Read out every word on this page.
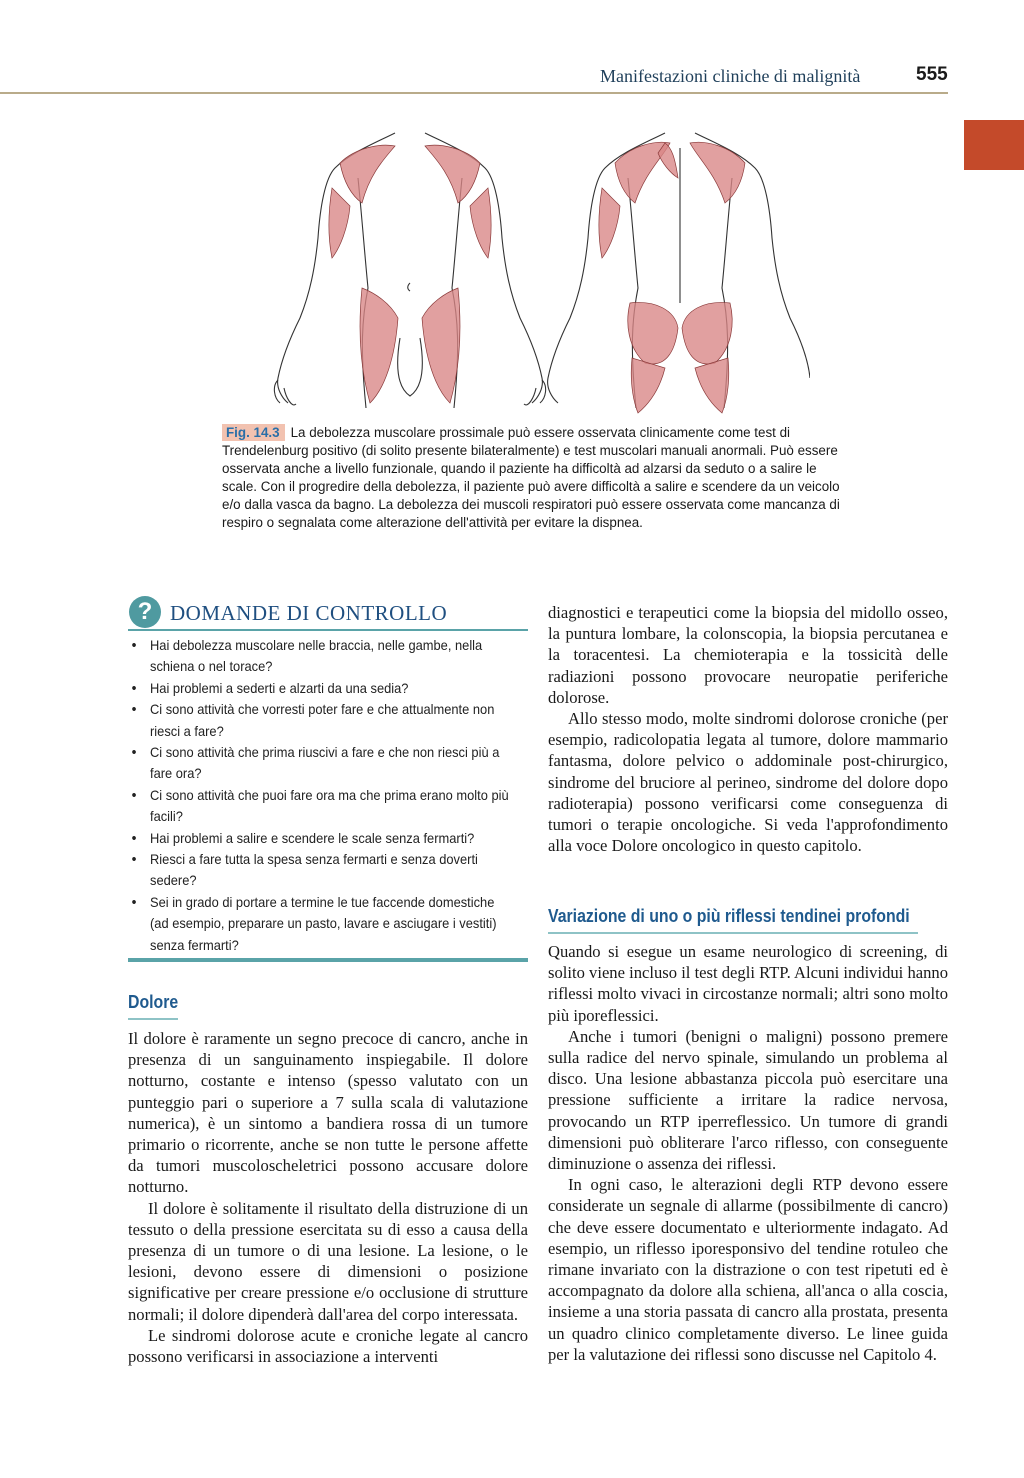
Manifestazioni cliniche di malignità	555
Fig. 14.3 La debolezza muscolare prossimale può essere osservata clinicamente come test di Trendelenburg positivo (di solito presente bilateralmente) e test muscolari manuali anormali. Può essere osservata anche a livello funzionale, quando il paziente ha difficoltà ad alzarsi da seduto o a salire le scale. Con il progredire della debolezza, il paziente può avere difficoltà a salire e scendere da un veicolo e/o dalla vasca da bagno. La debolezza dei muscoli respiratori può essere osservata come mancanza di respiro o segnalata come alterazione dell'attività per evitare la dispnea.
? DOMANDE DI CONTROLLO
• Hai debolezza muscolare nelle braccia, nelle gambe, nella schiena o nel torace?
• Hai problemi a sederti e alzarti da una sedia?
• Ci sono attività che vorresti poter fare e che attualmente non riesci a fare?
• Ci sono attività che prima riuscivi a fare e che non riesci più a fare ora?
• Ci sono attività che puoi fare ora ma che prima erano molto più facili?
• Hai problemi a salire e scendere le scale senza fermarti?
• Riesci a fare tutta la spesa senza fermarti e senza doverti sedere?
• Sei in grado di portare a termine le tue faccende domestiche (ad esempio, preparare un pasto, lavare e asciugare i vestiti) senza fermarti?
Dolore

Il dolore è raramente un segno precoce di cancro, anche in presenza di un sanguinamento inspiegabile. Il dolore notturno, costante e intenso (spesso valutato con un punteggio pari o superiore a 7 sulla scala di valutazione numerica), è un sintomo a bandiera rossa di un tumore primario o ricorrente, anche se non tutte le persone affette da tumori muscoloscheletrici possono accusare dolore notturno.

Il dolore è solitamente il risultato della distruzione di un tessuto o della pressione esercitata su di esso a causa della presenza di un tumore o di una lesione. La lesione, o le lesioni, devono essere di dimensioni o posizione significative per creare pressione e/o occlusione di strutture normali; il dolore dipenderà dall'area del corpo interessata.

Le sindromi dolorose acute e croniche legate al cancro possono verificarsi in associazione a interventi

diagnostici e terapeutici come la biopsia del midollo osseo, la puntura lombare, la colonscopia, la biopsia percutanea e la toracentesi. La chemioterapia e la tossicità delle radiazioni possono provocare neuropatie periferiche dolorose.

Allo stesso modo, molte sindromi dolorose croniche (per esempio, radicolopatia legata al tumore, dolore mammario fantasma, dolore pelvico o addominale post-chirurgico, sindrome del bruciore al perineo, sindrome del dolore dopo radioterapia) possono verificarsi come conseguenza di tumori o terapie oncologiche. Si veda l'approfondimento alla voce Dolore oncologico in questo capitolo.

Variazione di uno o più riflessi tendinei profondi

Quando si esegue un esame neurologico di screening, di solito viene incluso il test degli RTP. Alcuni individui hanno riflessi molto vivaci in circostanze normali; altri sono molto più iporeflessici.

Anche i tumori (benigni o maligni) possono premere sulla radice del nervo spinale, simulando un problema al disco. Una lesione abbastanza piccola può esercitare una pressione sufficiente a irritare la radice nervosa, provocando un RTP iperreflessico. Un tumore di grandi dimensioni può obliterare l'arco riflesso, con conseguente diminuzione o assenza dei riflessi.

In ogni caso, le alterazioni degli RTP devono essere considerate un segnale di allarme (possibilmente di cancro) che deve essere documentato e ulteriormente indagato. Ad esempio, un riflesso iporesponsivo del tendine rotuleo che rimane invariato con la distrazione o con test ripetuti ed è accompagnato da dolore alla schiena, all'anca o alla coscia, insieme a una storia passata di cancro alla prostata, presenta un quadro clinico completamente diverso. Le linee guida per la valutazione dei riflessi sono discusse nel Capitolo 4.
